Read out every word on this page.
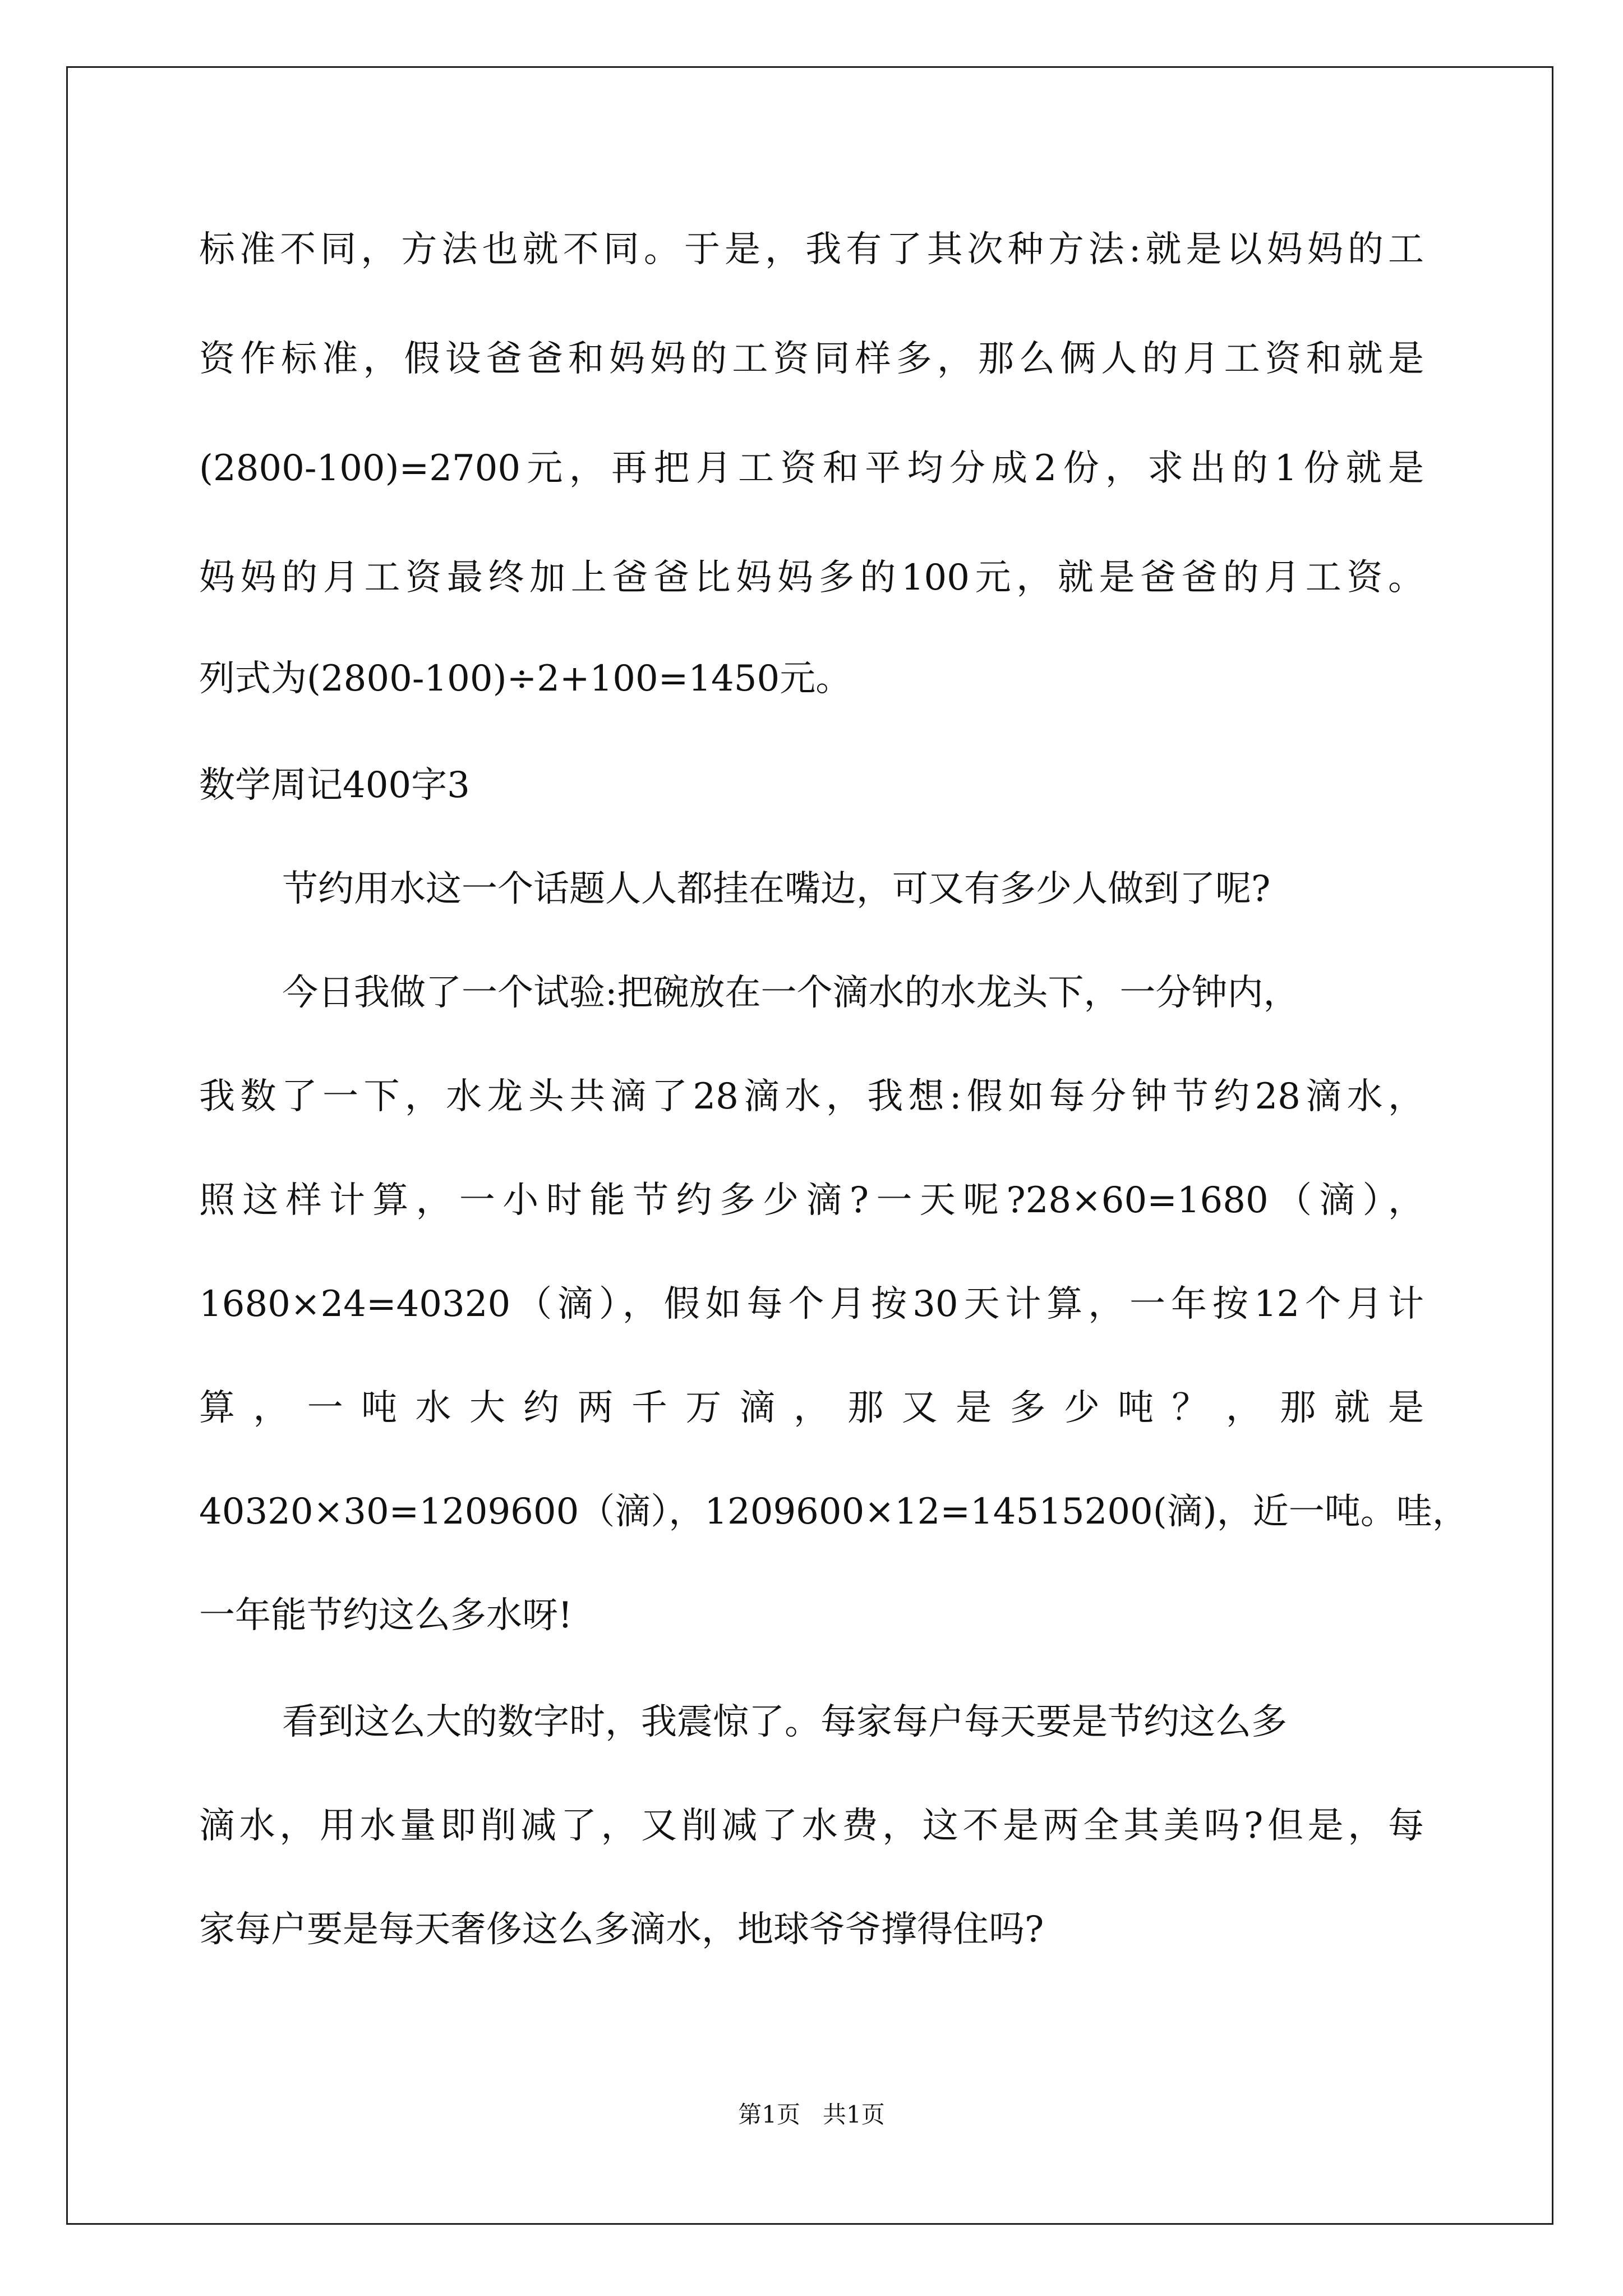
标准不同，方法也就不同。于是，我有了其次种方法:就是以妈妈的工
资作标准，假设爸爸和妈妈的工资同样多，那么俩人的月工资和就是
(2800-100)=2700元，再把月工资和平均分成2份，求出的1份就是
妈妈的月工资最终加上爸爸比妈妈多的100元，就是爸爸的月工资。
列式为(2800-100)÷2+100=1450元。
数学周记400字3
节约用水这一个话题人人都挂在嘴边，可又有多少人做到了呢?
今日我做了一个试验:把碗放在一个滴水的水龙头下，一分钟内，
我数了一下，水龙头共滴了28滴水，我想:假如每分钟节约28滴水，
照这样计算，一小时能节约多少滴?一天呢?28×60=1680（滴），
1680×24=40320（滴），假如每个月按30天计算，一年按12个月计
算，一吨水大约两千万滴，那又是多少吨？，那就是
40320×30=1209600（滴），1209600×12=14515200(滴)，近一吨。哇，
一年能节约这么多水呀!
看到这么大的数字时，我震惊了。每家每户每天要是节约这么多
滴水，用水量即削减了，又削减了水费，这不是两全其美吗?但是，每
家每户要是每天奢侈这么多滴水，地球爷爷撑得住吗?
第1页   共1页
